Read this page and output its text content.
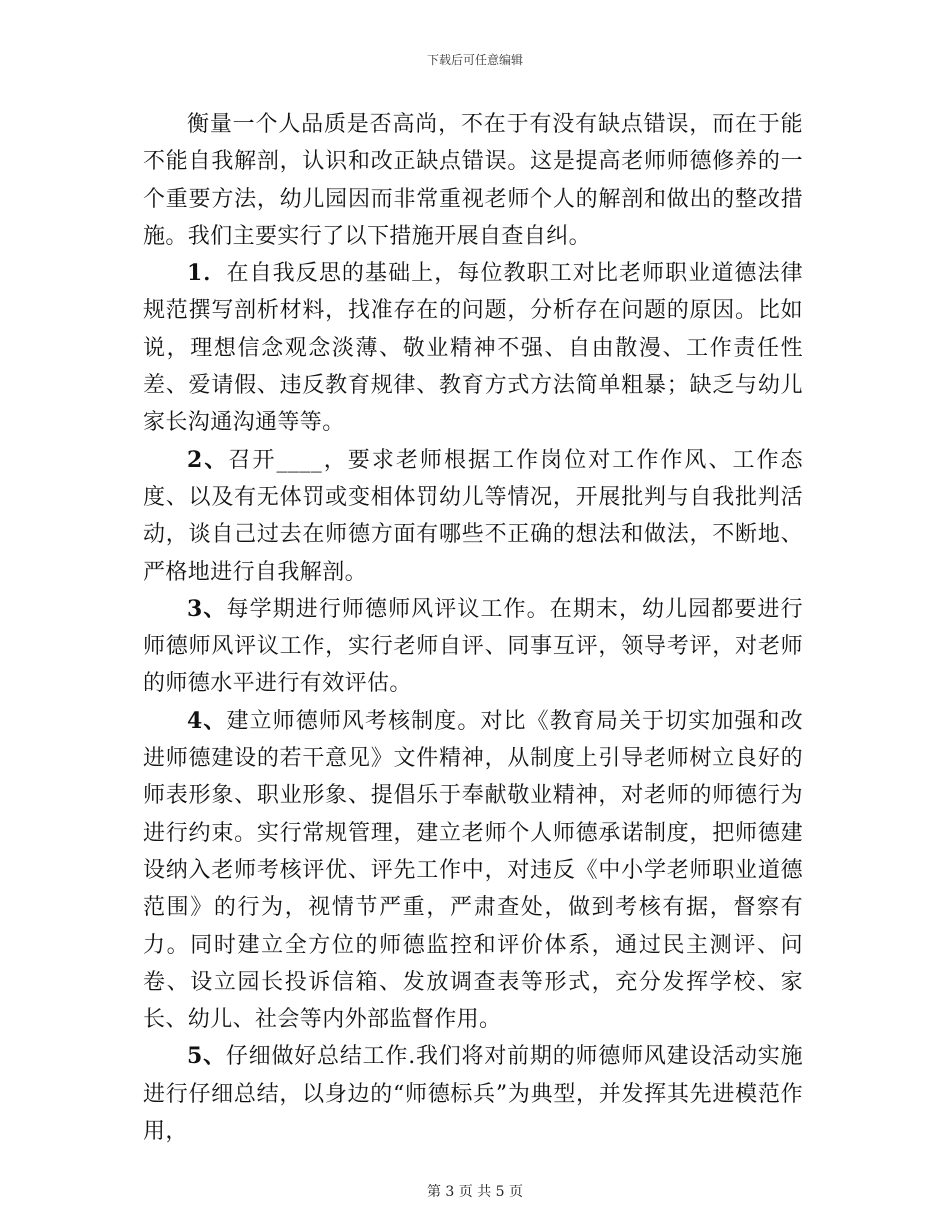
下载后可任意编辑

衡量一个人品质是否高尚，不在于有没有缺点错误，而在于能不能自我解剖，认识和改正缺点错误。这是提高老师师德修养的一个重要方法，幼儿园因而非常重视老师个人的解剖和做出的整改措施。我们主要实行了以下措施开展自查自纠。

1．在自我反思的基础上，每位教职工对比老师职业道德法律规范撰写剖析材料，找准存在的问题，分析存在问题的原因。比如说，理想信念观念淡薄、敬业精神不强、自由散漫、工作责任性差、爱请假、违反教育规律、教育方式方法简单粗暴；缺乏与幼儿家长沟通沟通等等。

2、召开____，要求老师根据工作岗位对工作作风、工作态度、以及有无体罚或变相体罚幼儿等情况，开展批判与自我批判活动，谈自己过去在师德方面有哪些不正确的想法和做法，不断地、严格地进行自我解剖。

3、每学期进行师德师风评议工作。在期末，幼儿园都要进行师德师风评议工作，实行老师自评、同事互评，领导考评，对老师的师德水平进行有效评估。

4、建立师德师风考核制度。对比《教育局关于切实加强和改进师德建设的若干意见》文件精神，从制度上引导老师树立良好的师表形象、职业形象、提倡乐于奉献敬业精神，对老师的师德行为进行约束。实行常规管理，建立老师个人师德承诺制度，把师德建设纳入老师考核评优、评先工作中，对违反《中小学老师职业道德范围》的行为，视情节严重，严肃查处，做到考核有据，督察有力。同时建立全方位的师德监控和评价体系，通过民主测评、问卷、设立园长投诉信箱、发放调查表等形式，充分发挥学校、家长、幼儿、社会等内外部监督作用。

5、仔细做好总结工作.我们将对前期的师德师风建设活动实施进行仔细总结，以身边的“师德标兵”为典型，并发挥其先进模范作用，

第 3 页 共 5 页
